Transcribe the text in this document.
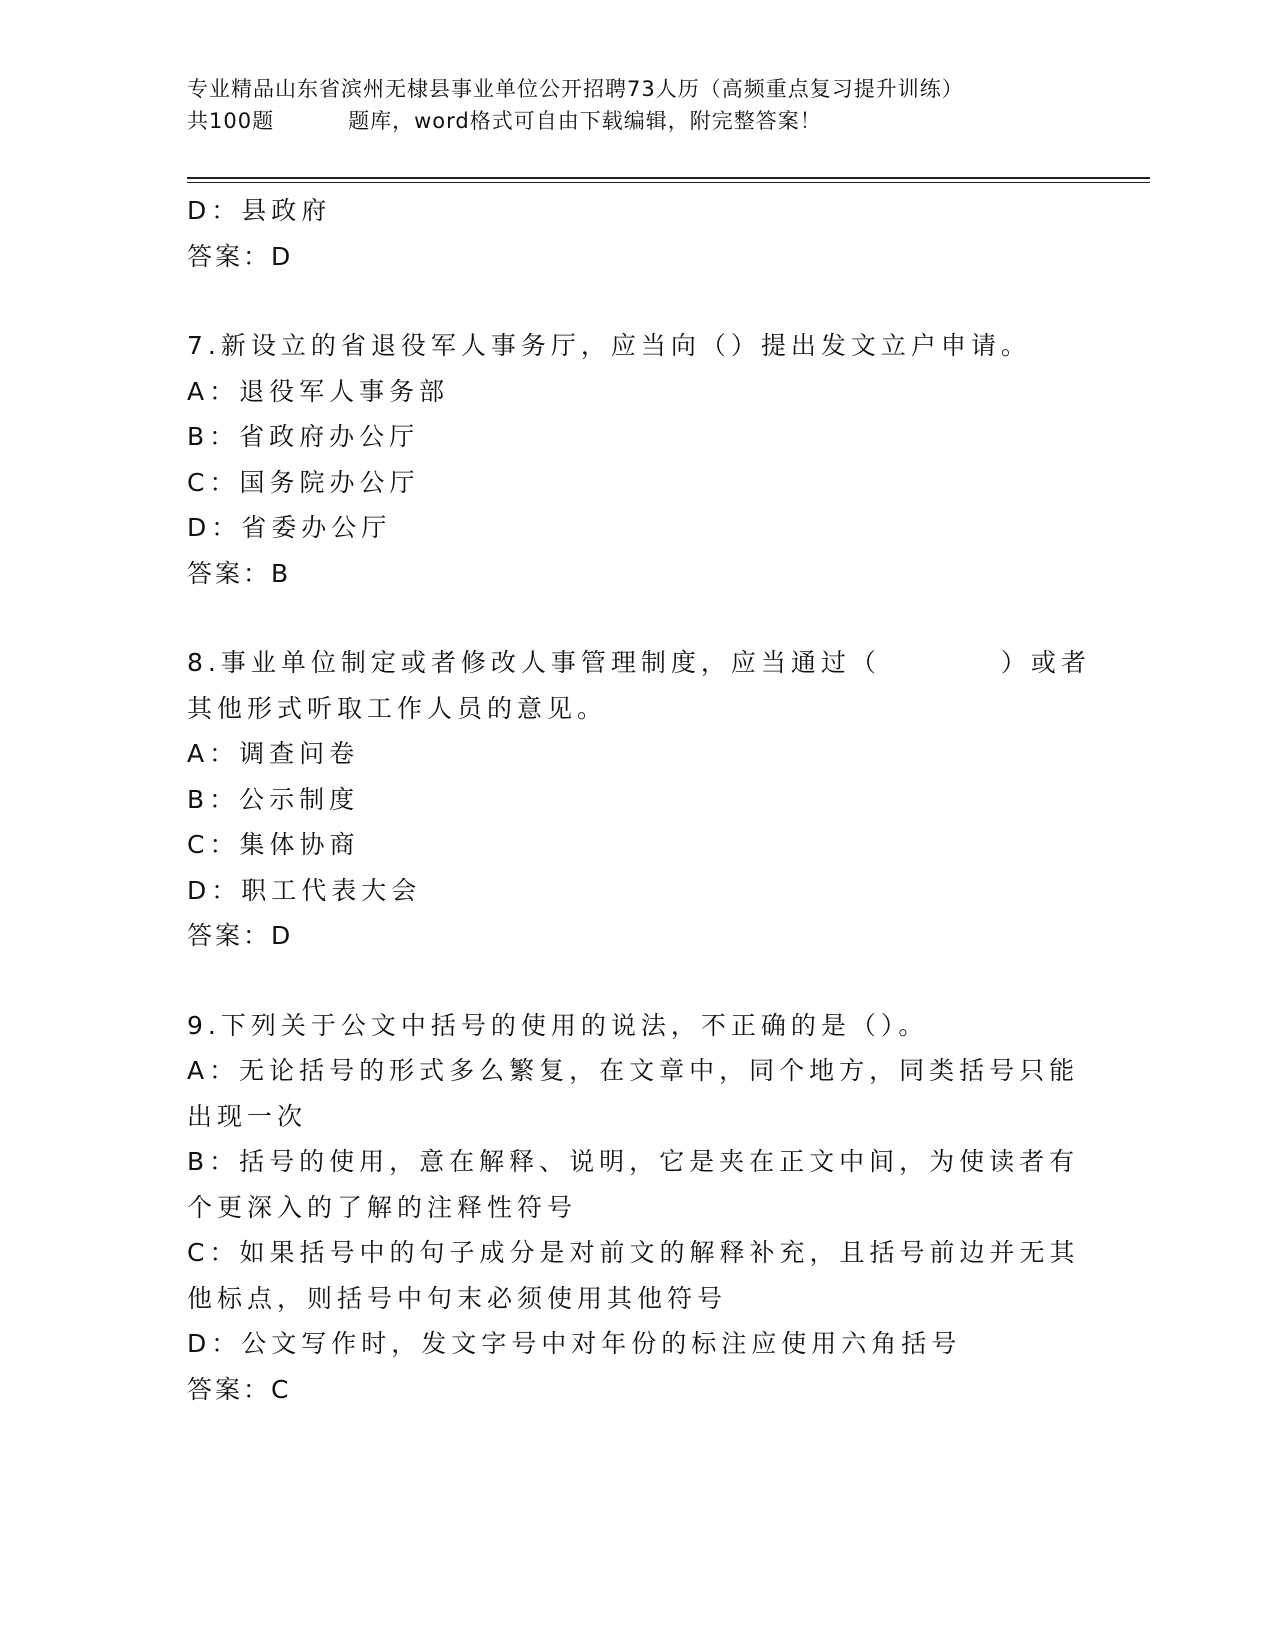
专业精品山东省滨州无棣县事业单位公开招聘73人历（高频重点复习提升训练）
共100题	题库，word格式可自由下载编辑，附完整答案！
D：县政府
答案：D
7.新设立的省退役军人事务厅，应当向（）提出发文立户申请。
A：退役军人事务部
B：省政府办公厅
C：国务院办公厅
D：省委办公厅
答案：B
8.事业单位制定或者修改人事管理制度，应当通过（	）或者
其他形式听取工作人员的意见。
A：调查问卷
B：公示制度
C：集体协商
D：职工代表大会
答案：D
9.下列关于公文中括号的使用的说法，不正确的是（）。
A：无论括号的形式多么繁复，在文章中，同个地方，同类括号只能出现一次
B：括号的使用，意在解释、说明，它是夹在正文中间，为使读者有个更深入的了解的注释性符号
C：如果括号中的句子成分是对前文的解释补充，且括号前边并无其他标点，则括号中句末必须使用其他符号
D：公文写作时，发文字号中对年份的标注应使用六角括号
答案：C
